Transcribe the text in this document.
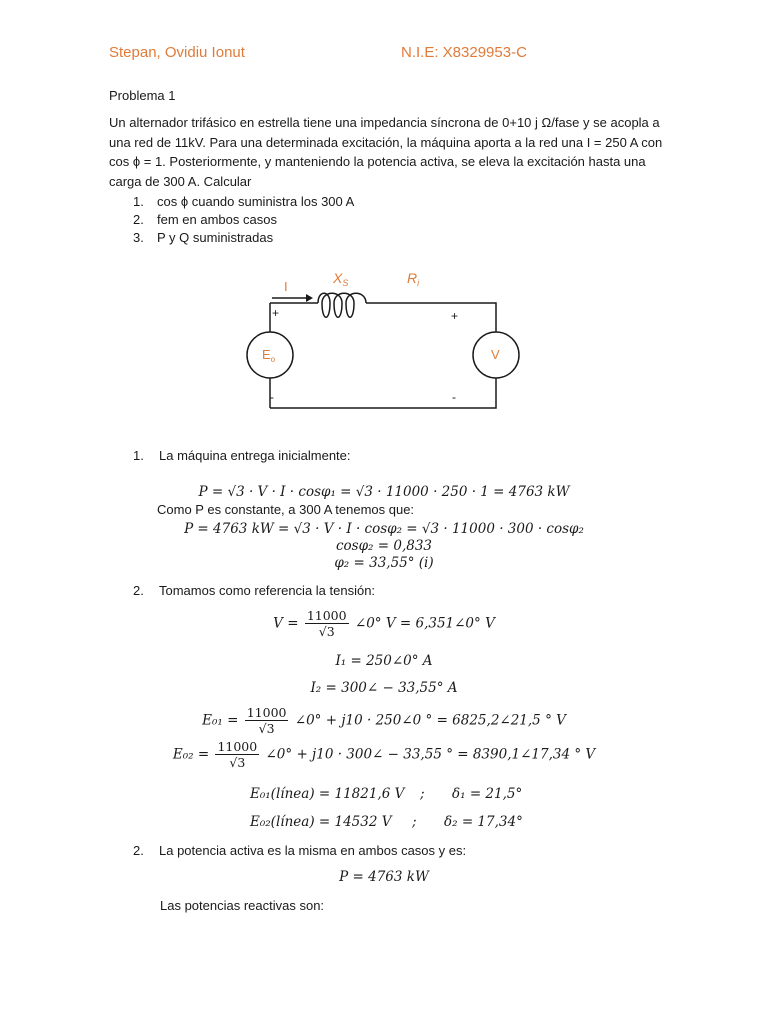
Stepan, Ovidiu Ionut	N.I.E: X8329953-C
Problema 1
Un alternador trifásico en estrella tiene una impedancia síncrona de 0+10 j Ω/fase y se acopla a una red de 11kV. Para una determinada excitación, la máquina aporta a la red una I = 250 A con cos ϕ = 1. Posteriormente, y manteniendo la potencia activa, se eleva la excitación hasta una carga de 300 A. Calcular
1. cos ϕ cuando suministra los 300 A
2. fem en ambos casos
3. P y Q suministradas
I
$X_S$	$R_i$
$E_o$	V
+	+
-	-
1. La máquina entrega inicialmente:
P = √3 · V · I · cosφ₁ = √3 · 11000 · 250 · 1 = 4763 kW
Como P es constante, a 300 A tenemos que:
P = 4763 kW = √3 · V · I · cosφ₂ = √3 · 11000 · 300 · cosφ₂
cosφ₂ = 0,833
φ₂ = 33,55° (i)
2. Tomamos como referencia la tensión:
$V = \frac{11000}{√3}$ ∠0° V = 6,351∠0° V
I₁ = 250∠0° A
I₂ = 300∠ − 33,55° A
$E_{01} = \frac{11000}{√3}$ ∠0° + j10 · 250∠0 ° = 6825,2∠21,5 ° V
$E_{02} = \frac{11000}{√3}$ ∠0° + j10 · 300∠ − 33,55 ° = 8390,1∠17,34 ° V
E₀₁(línea) = 11821,6 V ; δ₁ = 21,5°
E₀₂(línea) = 14532 V ; δ₂ = 17,34°
2. La potencia activa es la misma en ambos casos y es:
P = 4763 kW
Las potencias reactivas son:
